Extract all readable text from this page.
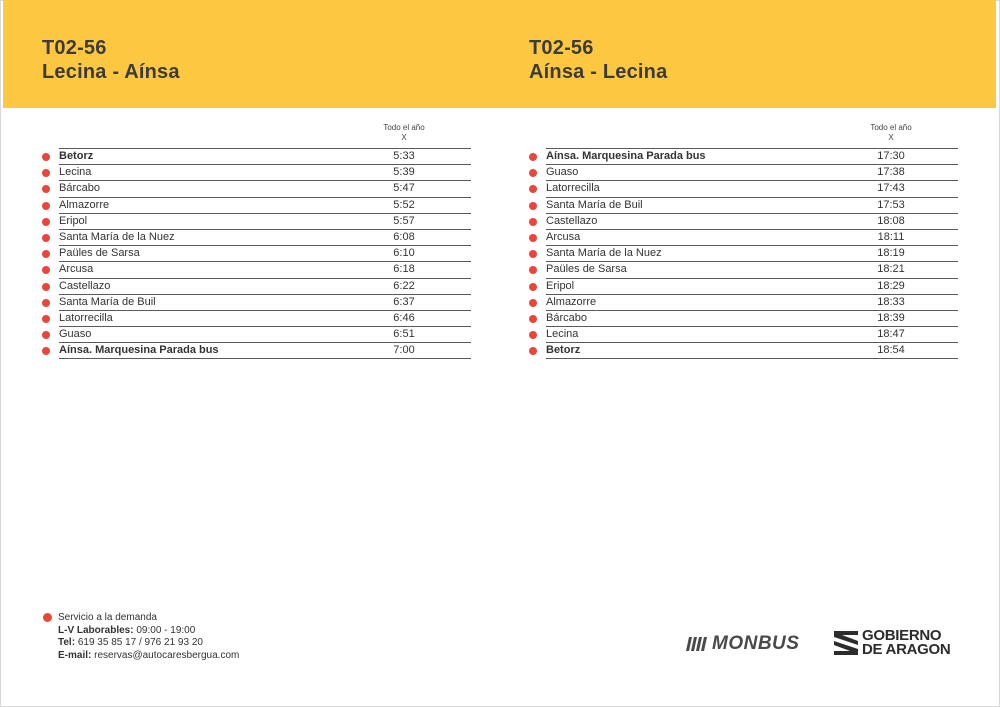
T02-56
Lecina - Aínsa
T02-56
Aínsa - Lecina
Todo el año
X
Todo el año
X
Betorz	5:33
Lecina	5:39
Bárcabo	5:47
Almazorre	5:52
Eripol	5:57
Santa María de la Nuez	6:08
Paüles de Sarsa	6:10
Arcusa	6:18
Castellazo	6:22
Santa María de Buil	6:37
Latorrecilla	6:46
Guaso	6:51
Aínsa. Marquesina Parada bus	7:00
Aínsa. Marquesina Parada bus	17:30
Guaso	17:38
Latorrecilla	17:43
Santa María de Buil	17:53
Castellazo	18:08
Arcusa	18:11
Santa María de la Nuez	18:19
Paüles de Sarsa	18:21
Eripol	18:29
Almazorre	18:33
Bárcabo	18:39
Lecina	18:47
Betorz	18:54
Servicio a la demanda
L-V Laborables: 09:00 - 19:00
Tel: 619 35 85 17 / 976 21 93 20
E-mail: reservas@autocaresbergua.com
MONBUS	GOBIERNO
DE ARAGON
